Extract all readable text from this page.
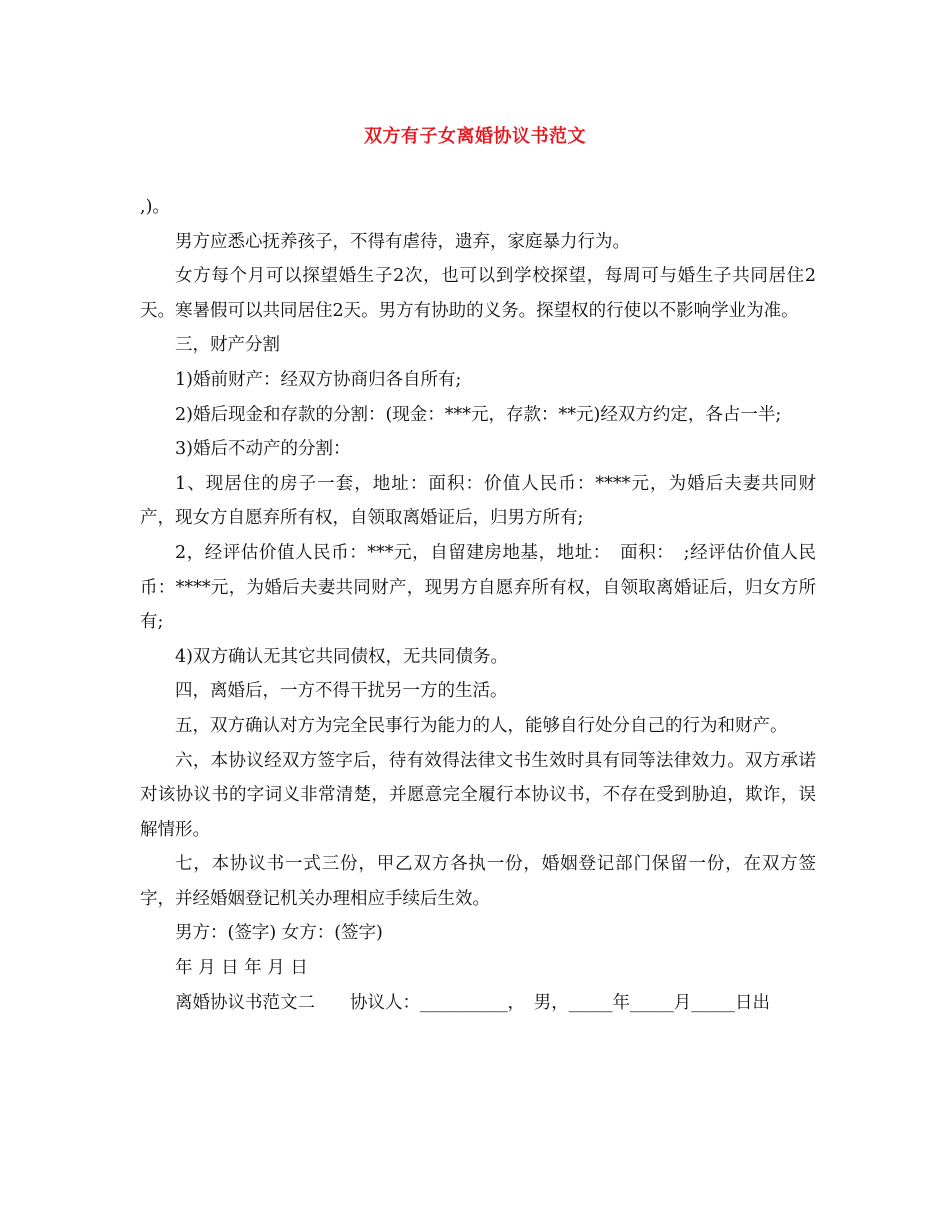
双方有子女离婚协议书范文

,)。

男方应悉心抚养孩子，不得有虐待，遗弃，家庭暴力行为。

女方每个月可以探望婚生子2次，也可以到学校探望，每周可与婚生子共同居住2天。寒暑假可以共同居住2天。男方有协助的义务。探望权的行使以不影响学业为准。

三，财产分割

1)婚前财产：经双方协商归各自所有;

2)婚后现金和存款的分割：(现金：***元，存款：**元)经双方约定，各占一半;

3)婚后不动产的分割：

1、现居住的房子一套，地址：面积：价值人民币：****元，为婚后夫妻共同财产，现女方自愿弃所有权，自领取离婚证后，归男方所有;

2，经评估价值人民币：***元，自留建房地基，地址：　面积：　;经评估价值人民币：****元，为婚后夫妻共同财产，现男方自愿弃所有权，自领取离婚证后，归女方所有;

4)双方确认无其它共同债权，无共同债务。

四，离婚后，一方不得干扰另一方的生活。

五，双方确认对方为完全民事行为能力的人，能够自行处分自己的行为和财产。

六，本协议经双方签字后，待有效得法律文书生效时具有同等法律效力。双方承诺对该协议书的字词义非常清楚，并愿意完全履行本协议书，不存在受到胁迫，欺诈，误解情形。

七，本协议书一式三份，甲乙双方各执一份，婚姻登记部门保留一份，在双方签字，并经婚姻登记机关办理相应手续后生效。

男方：(签字) 女方：(签字)

年 月 日 年 月 日

离婚协议书范文二　　协议人：__________，　男，_____年_____月_____日出
